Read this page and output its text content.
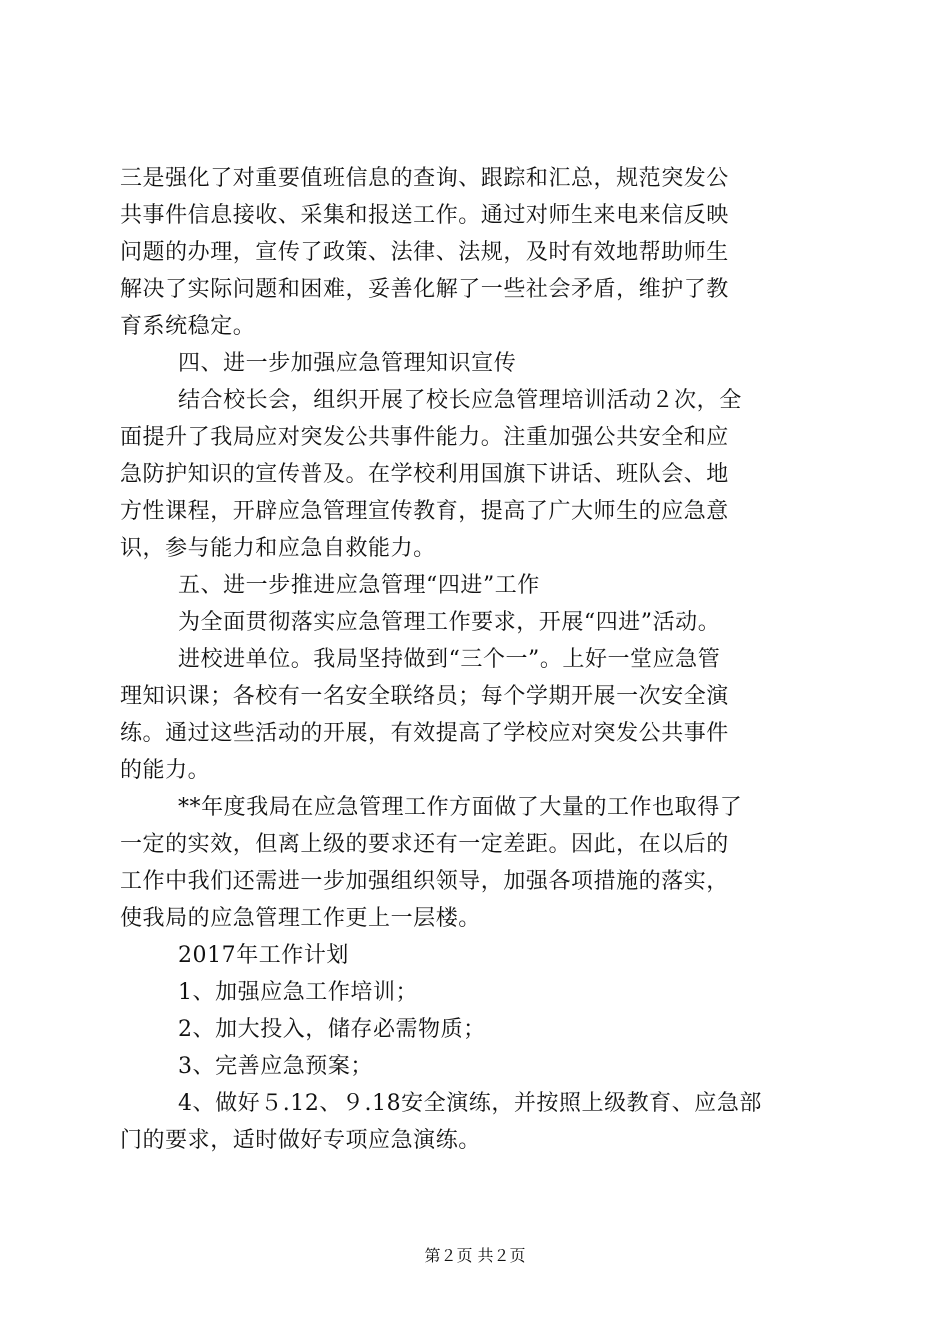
三是强化了对重要值班信息的查询、跟踪和汇总，规范突发公
共事件信息接收、采集和报送工作。通过对师生来电来信反映
问题的办理，宣传了政策、法律、法规，及时有效地帮助师生
解决了实际问题和困难，妥善化解了一些社会矛盾，维护了教
育系统稳定。
四、进一步加强应急管理知识宣传
结合校长会，组织开展了校长应急管理培训活动２次，全
面提升了我局应对突发公共事件能力。注重加强公共安全和应
急防护知识的宣传普及。在学校利用国旗下讲话、班队会、地
方性课程，开辟应急管理宣传教育，提高了广大师生的应急意
识，参与能力和应急自救能力。
五、进一步推进应急管理“四进”工作
为全面贯彻落实应急管理工作要求，开展“四进”活动。
进校进单位。我局坚持做到“三个一”。上好一堂应急管
理知识课；各校有一名安全联络员；每个学期开展一次安全演
练。通过这些活动的开展，有效提高了学校应对突发公共事件
的能力。
**年度我局在应急管理工作方面做了大量的工作也取得了
一定的实效，但离上级的要求还有一定差距。因此，在以后的
工作中我们还需进一步加强组织领导，加强各项措施的落实，
使我局的应急管理工作更上一层楼。
2017年工作计划
1、加强应急工作培训；
2、加大投入，储存必需物质；
3、完善应急预案；
4、做好５.12、９.18安全演练，并按照上级教育、应急部
门的要求，适时做好专项应急演练。
第２页 共２页
